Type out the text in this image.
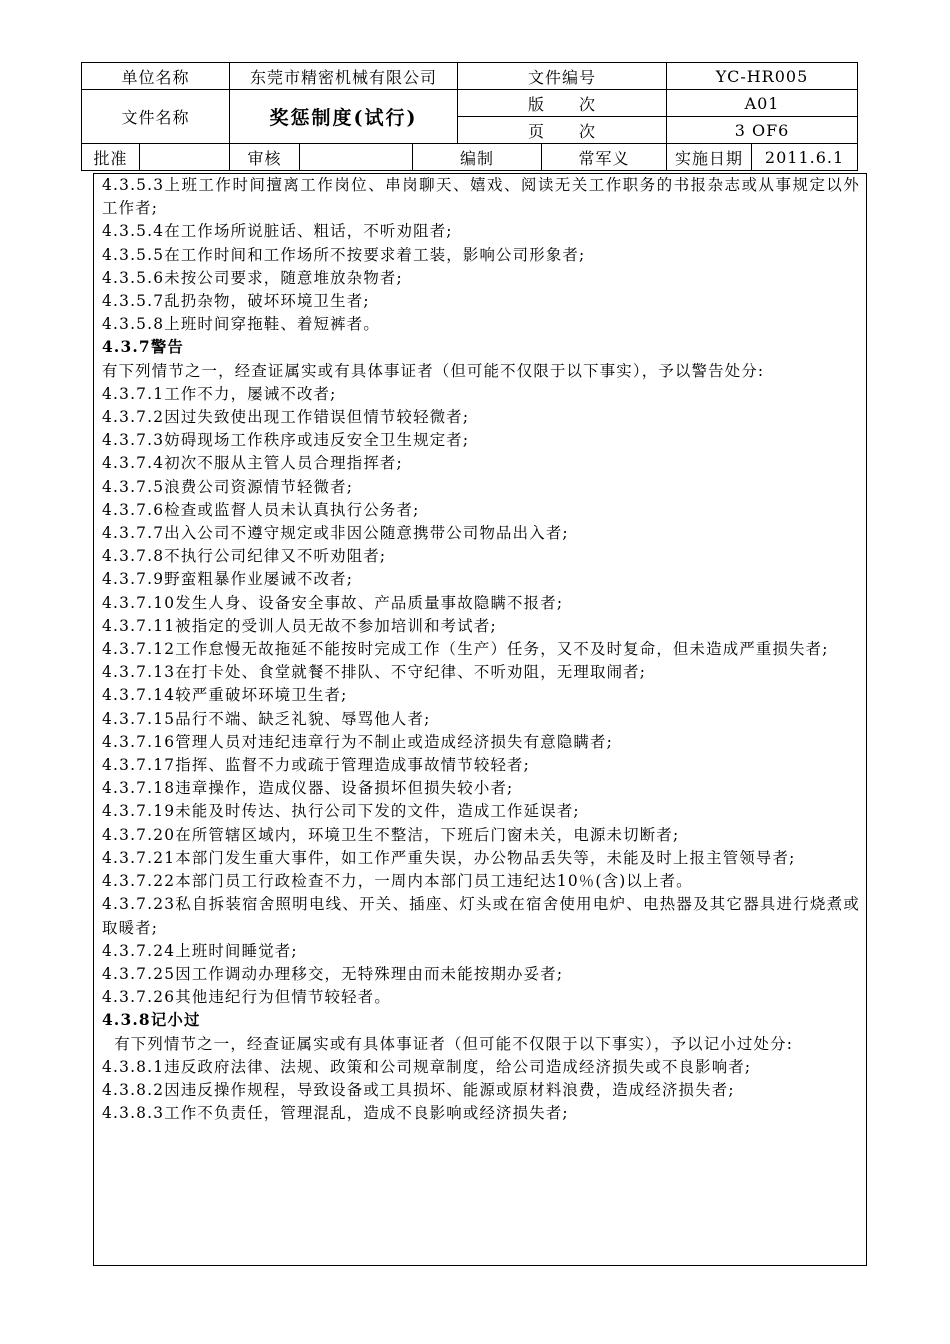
单位名称		东莞市精密机械有限公司			文件编号		YC-HR005	
文件名称		奖惩制度(试行)			版　　次		A01	
					页　　次		3 OF6	
批准		审核		编制		常军义	实施日期	2011.6.1
4.3.5.3上班工作时间擅离工作岗位、串岗聊天、嬉戏、阅读无关工作职务的书报杂志或从事规定以外工作者;
4.3.5.4在工作场所说脏话、粗话，不听劝阻者;
4.3.5.5在工作时间和工作场所不按要求着工装，影响公司形象者;
4.3.5.6未按公司要求，随意堆放杂物者;
4.3.5.7乱扔杂物，破坏环境卫生者;
4.3.5.8上班时间穿拖鞋、着短裤者。
4.3.7警告
有下列情节之一，经查证属实或有具体事证者（但可能不仅限于以下事实），予以警告处分:
4.3.7.1工作不力，屡诫不改者;
4.3.7.2因过失致使出现工作错误但情节较轻微者;
4.3.7.3妨碍现场工作秩序或违反安全卫生规定者;
4.3.7.4初次不服从主管人员合理指挥者;
4.3.7.5浪费公司资源情节轻微者;
4.3.7.6检查或监督人员未认真执行公务者;
4.3.7.7出入公司不遵守规定或非因公随意携带公司物品出入者;
4.3.7.8不执行公司纪律又不听劝阻者;
4.3.7.9野蛮粗暴作业屡诫不改者;
4.3.7.10发生人身、设备安全事故、产品质量事故隐瞒不报者;
4.3.7.11被指定的受训人员无故不参加培训和考试者;
4.3.7.12工作怠慢无故拖延不能按时完成工作（生产）任务，又不及时复命，但未造成严重损失者;
4.3.7.13在打卡处、食堂就餐不排队、不守纪律、不听劝阻，无理取闹者;
4.3.7.14较严重破坏环境卫生者;
4.3.7.15品行不端、缺乏礼貌、辱骂他人者;
4.3.7.16管理人员对违纪违章行为不制止或造成经济损失有意隐瞒者;
4.3.7.17指挥、监督不力或疏于管理造成事故情节较轻者;
4.3.7.18违章操作，造成仪器、设备损坏但损失较小者;
4.3.7.19未能及时传达、执行公司下发的文件，造成工作延误者;
4.3.7.20在所管辖区域内，环境卫生不整洁，下班后门窗未关，电源未切断者;
4.3.7.21本部门发生重大事件，如工作严重失误，办公物品丢失等，未能及时上报主管领导者;
4.3.7.22本部门员工行政检查不力，一周内本部门员工违纪达10％(含)以上者。
4.3.7.23私自拆装宿舍照明电线、开关、插座、灯头或在宿舍使用电炉、电热器及其它器具进行烧煮或取暖者;
4.3.7.24上班时间睡觉者;
4.3.7.25因工作调动办理移交，无特殊理由而未能按期办妥者;
4.3.7.26其他违纪行为但情节较轻者。
4.3.8记小过
有下列情节之一，经查证属实或有具体事证者（但可能不仅限于以下事实），予以记小过处分:
4.3.8.1违反政府法律、法规、政策和公司规章制度，给公司造成经济损失或不良影响者;
4.3.8.2因违反操作规程，导致设备或工具损坏、能源或原材料浪费，造成经济损失者;
4.3.8.3工作不负责任，管理混乱，造成不良影响或经济损失者;
